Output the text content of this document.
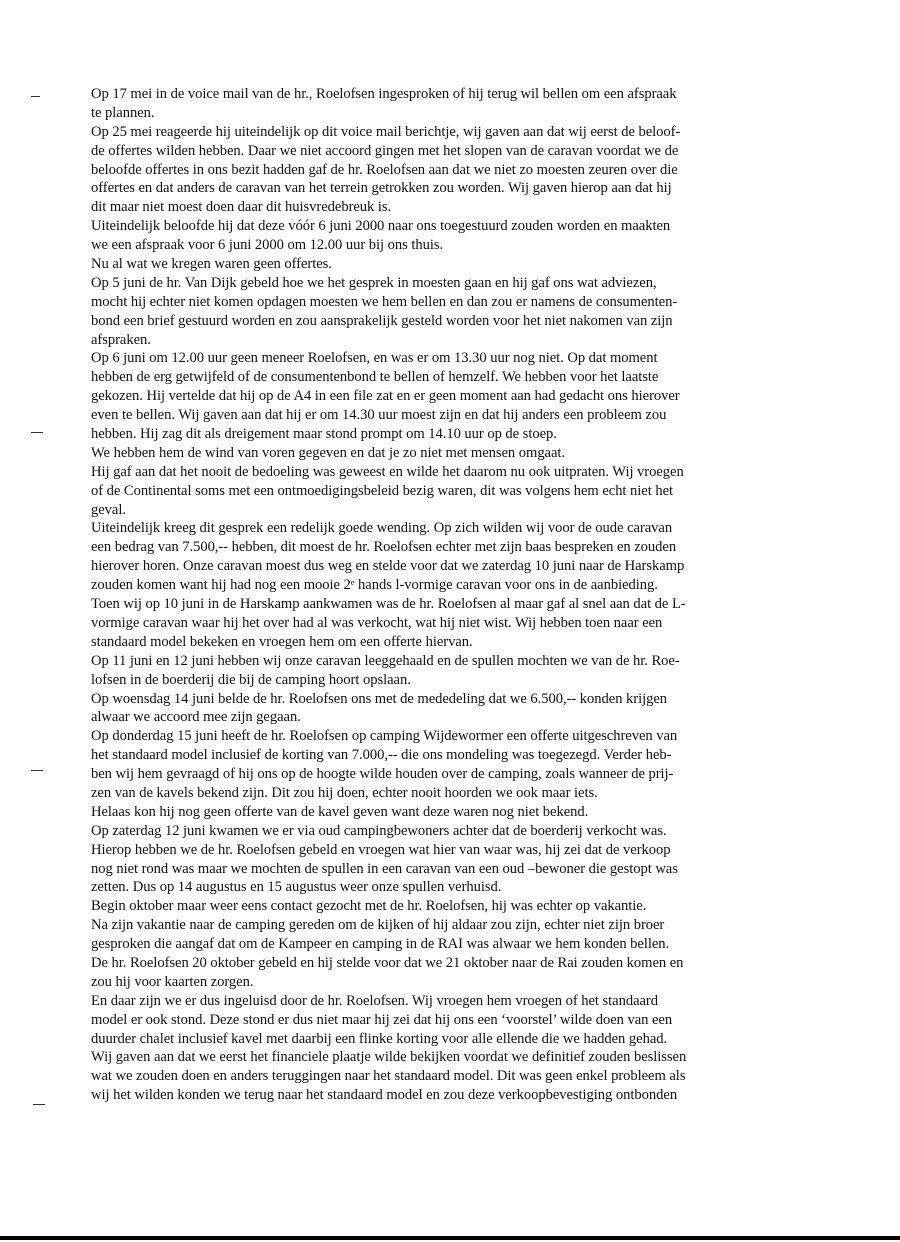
Op 17 mei in de voice mail van de hr., Roelofsen ingesproken of hij terug wil bellen om een afspraak
te plannen.
Op 25 mei reageerde hij uiteindelijk op dit voice mail berichtje, wij gaven aan dat wij eerst de beloof-
de offertes wilden hebben. Daar we niet accoord gingen met het slopen van de caravan voordat we de
beloofde offertes in ons bezit hadden gaf de hr. Roelofsen aan dat we niet zo moesten zeuren over die
offertes en dat anders de caravan van het terrein getrokken zou worden. Wij gaven hierop aan dat hij
dit maar niet moest doen daar dit huisvredebreuk is.
Uiteindelijk beloofde hij dat deze vóór 6 juni 2000 naar ons toegestuurd zouden worden en maakten
we een afspraak voor 6 juni 2000 om 12.00 uur bij ons thuis.
Nu al wat we kregen waren geen offertes.
Op 5 juni de hr. Van Dijk gebeld hoe we het gesprek in moesten gaan en hij gaf ons wat adviezen,
mocht hij echter niet komen opdagen moesten we hem bellen en dan zou er namens de consumenten-
bond een brief gestuurd worden en zou aansprakelijk gesteld worden voor het niet nakomen van zijn
afspraken.
Op 6 juni om 12.00 uur geen meneer Roelofsen, en was er om 13.30 uur nog niet. Op dat moment
hebben de erg getwijfeld of de consumentenbond te bellen of hemzelf. We hebben voor het laatste
gekozen. Hij vertelde dat hij op de A4 in een file zat en er geen moment aan had gedacht ons hierover
even te bellen. Wij gaven aan dat hij er om 14.30 uur moest zijn en dat hij anders een probleem zou
hebben. Hij zag dit als dreigement maar stond prompt om 14.10 uur op de stoep.
We hebben hem de wind van voren gegeven en dat je zo niet met mensen omgaat.
Hij gaf aan dat het nooit de bedoeling was geweest en wilde het daarom nu ook uitpraten. Wij vroegen
of de Continental soms met een ontmoedigingsbeleid bezig waren, dit was volgens hem echt niet het
geval.
Uiteindelijk kreeg dit gesprek een redelijk goede wending. Op zich wilden wij voor de oude caravan
een bedrag van 7.500,-- hebben, dit moest de hr. Roelofsen echter met zijn baas bespreken en zouden
hierover horen. Onze caravan moest dus weg en stelde voor dat we zaterdag 10 juni naar de Harskamp
zouden komen want hij had nog een mooie 2ᵉ hands l-vormige caravan voor ons in de aanbieding.
Toen wij op 10 juni in de Harskamp aankwamen was de hr. Roelofsen al maar gaf al snel aan dat de L-
vormige caravan waar hij het over had al was verkocht, wat hij niet wist. Wij hebben toen naar een
standaard model bekeken en vroegen hem om een offerte hiervan.
Op 11 juni en 12 juni hebben wij onze caravan leeggehaald en de spullen mochten we van de hr. Roe-
lofsen in de boerderij die bij de camping hoort opslaan.
Op woensdag 14 juni belde de hr. Roelofsen ons met de mededeling dat we 6.500,-- konden krijgen
alwaar we accoord mee zijn gegaan.
Op donderdag 15 juni heeft de hr. Roelofsen op camping Wijdewormer een offerte uitgeschreven van
het standaard model inclusief de korting van 7.000,-- die ons mondeling was toegezegd. Verder heb-
ben wij hem gevraagd of hij ons op de hoogte wilde houden over de camping, zoals wanneer de prij-
zen van de kavels bekend zijn. Dit zou hij doen, echter nooit hoorden we ook maar iets.
Helaas kon hij nog geen offerte van de kavel geven want deze waren nog niet bekend.
Op zaterdag 12 juni kwamen we er via oud campingbewoners achter dat de boerderij verkocht was.
Hierop hebben we de hr. Roelofsen gebeld en vroegen wat hier van waar was, hij zei dat de verkoop
nog niet rond was maar we mochten de spullen in een caravan van een oud –bewoner die gestopt was
zetten. Dus op 14 augustus en 15 augustus weer onze spullen verhuisd.
Begin oktober maar weer eens contact gezocht met de hr. Roelofsen, hij was echter op vakantie.
Na zijn vakantie naar de camping gereden om de kijken of hij aldaar zou zijn, echter niet zijn broer
gesproken die aangaf dat om de Kampeer en camping in de RAI was alwaar we hem konden bellen.
De hr. Roelofsen 20 oktober gebeld en hij stelde voor dat we 21 oktober naar de Rai zouden komen en
zou hij voor kaarten zorgen.
En daar zijn we er dus ingeluisd door de hr. Roelofsen. Wij vroegen hem vroegen of het standaard
model er ook stond. Deze stond er dus niet maar hij zei dat hij ons een ‘voorstel’ wilde doen van een
duurder chalet inclusief kavel met daarbij een flinke korting voor alle ellende die we hadden gehad.
Wij gaven aan dat we eerst het financiele plaatje wilde bekijken voordat we definitief zouden beslissen
wat we zouden doen en anders teruggingen naar het standaard model. Dit was geen enkel probleem als
wij het wilden konden we terug naar het standaard model en zou deze verkoopbevestiging ontbonden
